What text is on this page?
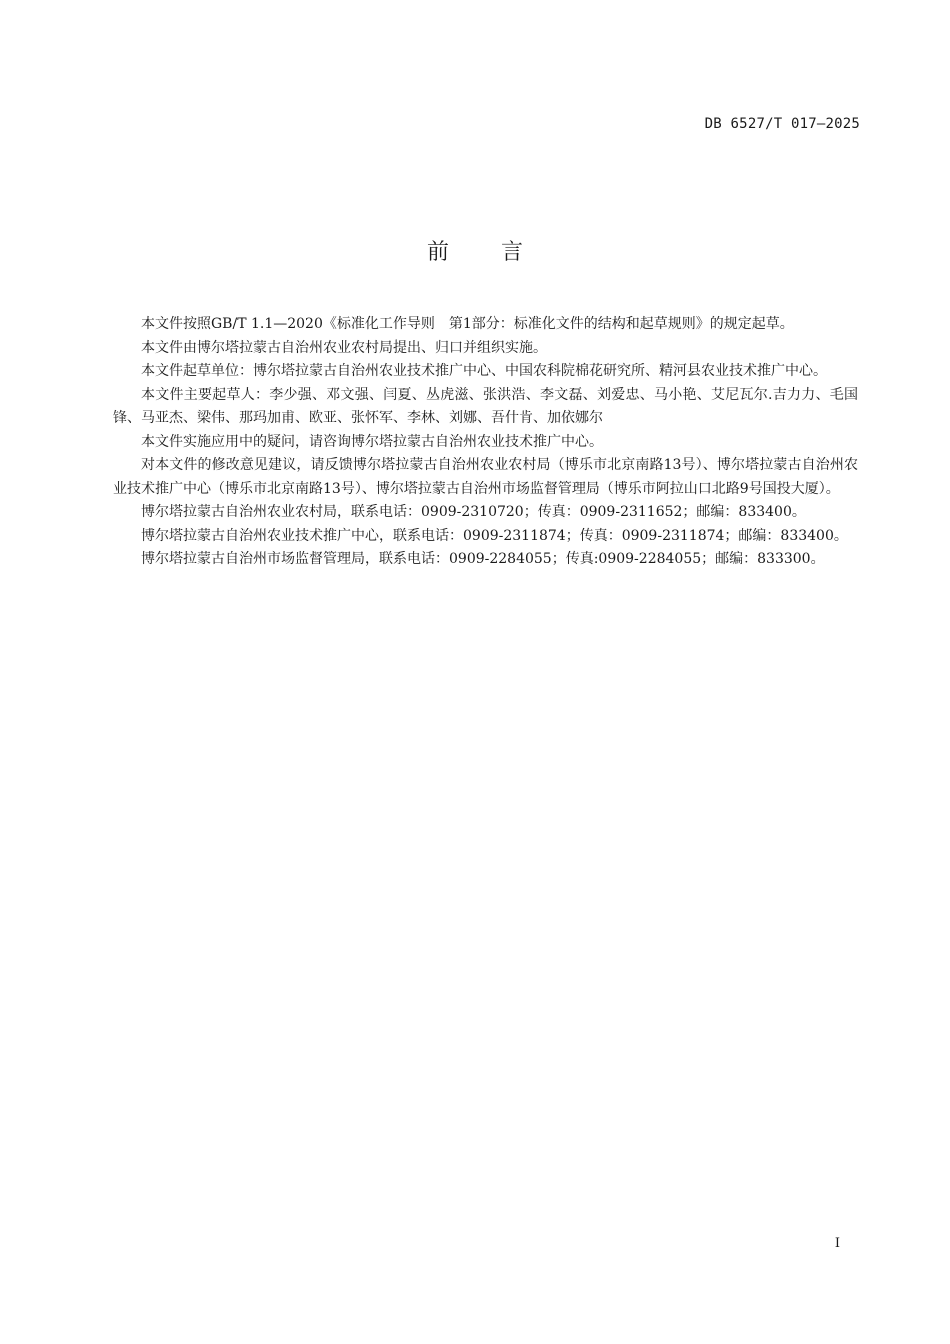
DB 6527/T 017—2025
前言

本文件按照GB/T 1.1—2020《标准化工作导则　第1部分：标准化文件的结构和起草规则》的规定起草。

本文件由博尔塔拉蒙古自治州农业农村局提出、归口并组织实施。

本文件起草单位：博尔塔拉蒙古自治州农业技术推广中心、中国农科院棉花研究所、精河县农业技术推广中心。

本文件主要起草人：李少强、邓文强、闫夏、丛虎滋、张洪浩、李文磊、刘爱忠、马小艳、艾尼瓦尔.吉力力、毛国锋、马亚杰、梁伟、那玛加甫、欧亚、张怀军、李林、刘娜、吾什肯、加依娜尔

本文件实施应用中的疑问，请咨询博尔塔拉蒙古自治州农业技术推广中心。

对本文件的修改意见建议，请反馈博尔塔拉蒙古自治州农业农村局（博乐市北京南路13号）、博尔塔拉蒙古自治州农业技术推广中心（博乐市北京南路13号）、博尔塔拉蒙古自治州市场监督管理局（博乐市阿拉山口北路9号国投大厦）。

博尔塔拉蒙古自治州农业农村局，联系电话：0909-2310720；传真：0909-2311652；邮编：833400。

博尔塔拉蒙古自治州农业技术推广中心，联系电话：0909-2311874；传真：0909-2311874；邮编：833400。

博尔塔拉蒙古自治州市场监督管理局，联系电话：0909-2284055；传真:0909-2284055；邮编：833300。

I
